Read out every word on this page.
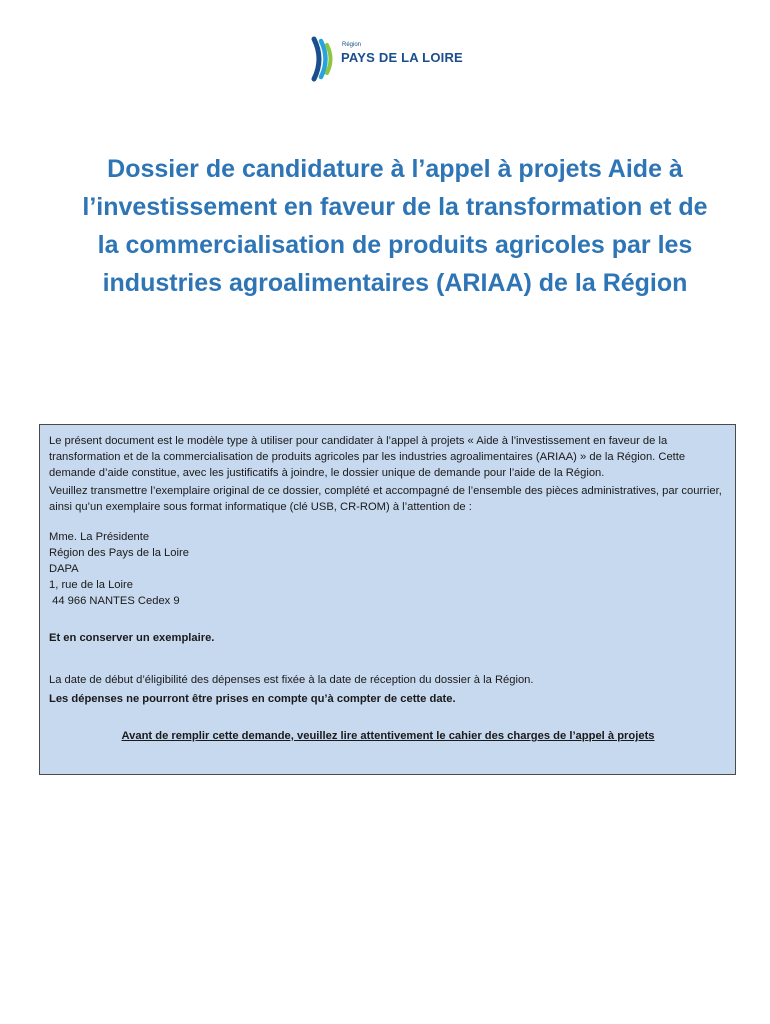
Région
PAYS DE LA LOIRE
Dossier de candidature à l’appel à projets Aide à l’investissement en faveur de la transformation et de la commercialisation de produits agricoles par les industries agroalimentaires (ARIAA) de la Région

Le présent document est le modèle type à utiliser pour candidater à l’appel à projets « Aide à l’investissement en faveur de la transformation et de la commercialisation de produits agricoles par les industries agroalimentaires (ARIAA) » de la Région. Cette demande d’aide constitue, avec les justificatifs à joindre, le dossier unique de demande pour l’aide de la Région.

Veuillez transmettre l’exemplaire original de ce dossier, complété et accompagné de l’ensemble des pièces administratives, par courrier, ainsi qu’un exemplaire sous format informatique (clé USB, CR-ROM) à l’attention de :

Mme. La Présidente

Région des Pays de la Loire

DAPA

1, rue de la Loire

44 966 NANTES Cedex 9

Et en conserver un exemplaire.

La date de début d’éligibilité des dépenses est fixée à la date de réception du dossier à la Région.

Les dépenses ne pourront être prises en compte qu’à compter de cette date.

Avant de remplir cette demande, veuillez lire attentivement le cahier des charges de l’appel à projets
